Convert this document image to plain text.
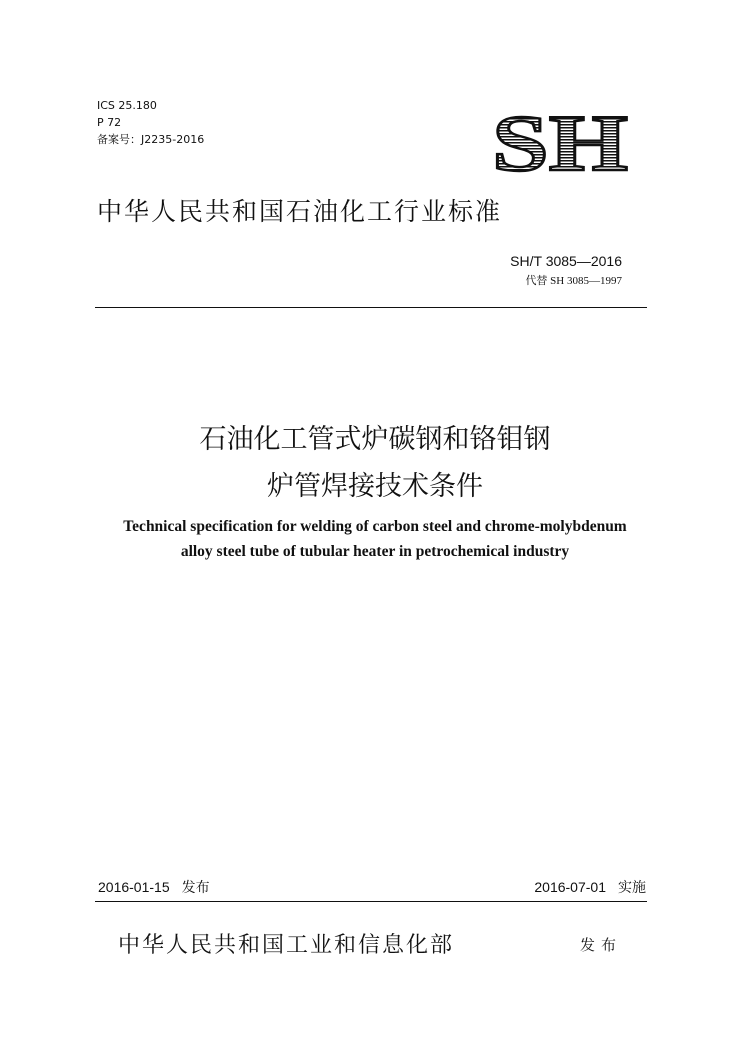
ICS 25.180
P 72
备案号：J2235-2016	SH
中华人民共和国石油化工行业标准
SH/T 3085—2016
代替 SH 3085—1997
石油化工管式炉碳钢和铬钼钢
炉管焊接技术条件
Technical specification for welding of carbon steel and chrome-molybdenum
alloy steel tube of tubular heater in petrochemical industry
2016-01-15 发布	2016-07-01 实施
中华人民共和国工业和信息化部	发布
